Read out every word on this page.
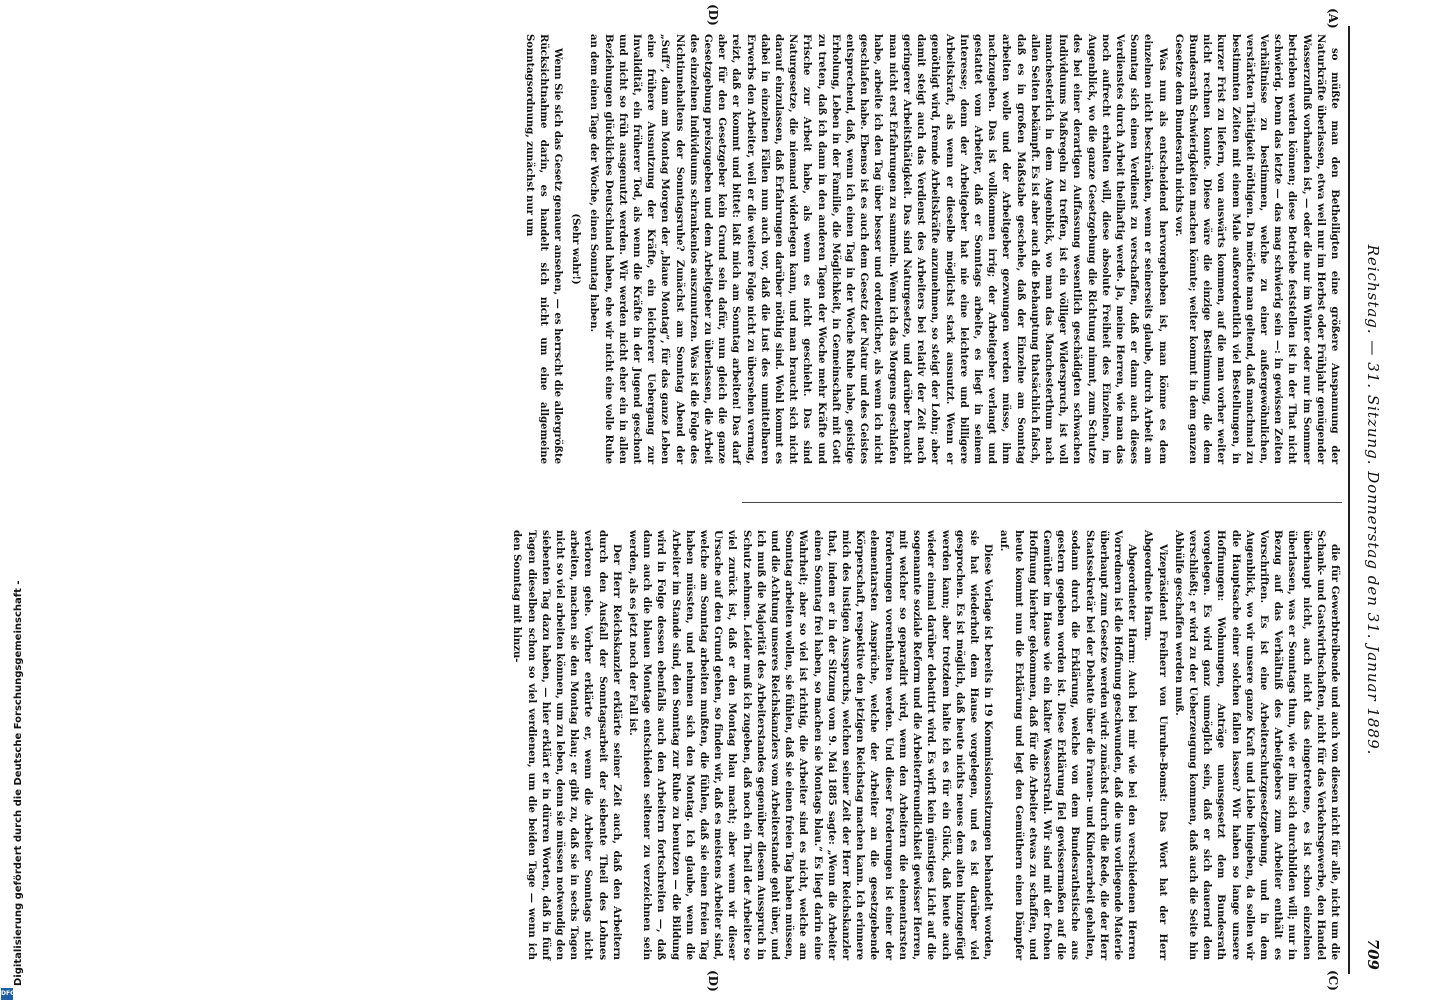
Reichstag. — 31. Sitzung. Donnerstag den 31. Januar 1889.
709
(A)
(D)
(C)
(D)

so müßte man den Betheiligten eine größere Anspannung der Naturkräfte überlassen, etwa weil nur im Herbst oder Frühjahr genügender Wasserzufluß vorhanden ist, — oder die nur im Winter oder nur im Sommer betrieben werden können; diese Betriebe feststellen ist in der That nicht schwierig. Denn das letzte — das mag schwierig sein —: in gewissen Zeiten Verhältnisse zu bestimmen, welche zu einer außergewöhnlichen, verstärkten Thätigkeit nöthigen. Da möchte man geltend, daß manchmal zu bestimmten Zeiten mit einem Male außerordentlich viel Bestellungen, in kurzer Frist zu liefern, von auswärts kommen, auf die man vorher weiter nicht rechnen konnte. Diese wäre die einzige Bestimmung, die dem Bundesrath Schwierigkeiten machen könnte; weiter kommt in dem ganzen Gesetze dem Bundesrath nichts vor.

Was nun als entscheidend hervorgehoben ist, man könne es dem einzelnen nicht beschränken, wenn er seinerseits glaube, durch Arbeit am Sonntag sich einen Verdienst zu verschaffen, daß er dann auch dieses Verdienstes durch Arbeit theilhaftig werde. Ja, meine Herren, wie man das noch aufrecht erhalten will, diese absolute Freiheit des Einzelnen, im Augenblick, wo die ganze Gesetzgebung die Richtung nimmt, zum Schutze des bei einer derartigen Auffassung wesentlich geschädigten schwachen Individuums Maßregeln zu treffen, ist ein völliger Widerspruch, ist voll manchesterlich in dem Augenblick, wo man das Manchesterthum nach allen Seiten bekämpft. Es ist aber auch die Behauptung thatsächlich falsch, daß es in großen Maßstabe geschehe, daß der Einzelne am Sonntag arbeiten wolle und der Arbeitgeber gezwungen werden müsse, ihm nachzugeben. Das ist vollkommen irrig; der Arbeitgeber verlangt und gestattet vom Arbeiter, daß er Sonntags arbeite, es liegt in seinem Interesse; denn der Arbeitgeber hat nie eine leichtere und billigere Arbeitskraft, als wenn er dieselbe möglichst stark ausnutzt. Wenn er genöthigt wird, fremde Arbeitskräfte anzunehmen, so steigt der Lohn; aber damit steigt auch das Verdienst des Arbeiters bei relativ der Zeit nach geringerer Arbeitsthätigkeit. Das sind Naturgesetze, und darüber braucht man nicht erst Erfahrungen zu sammeln. Wenn ich das Morgens geschlafen habe, arbeite ich den Tag über besser und ordentlicher, als wenn ich nicht geschlafen habe. Ebenso ist es auch dem Gesetz der Natur und des Geistes entsprechend, daß, wenn ich einen Tag in der Woche Ruhe habe, geistige Erholung, Leben in der Familie, die Möglichkeit, in Gemeinschaft mit Gott zu treten, daß ich dann in den anderen Tagen der Woche mehr Kräfte und Frische zur Arbeit habe, als wenn es nicht geschieht. Das sind Naturgesetze, die niemand widerlegen kann, und man braucht sich nicht darauf einzulassen, daß Erfahrungen darüber nöthig sind. Wohl kommt es dabei in einzelnen Fällen nun auch vor, daß die Lust des unmittelbaren Erwerbs den Arbeiter, weil er die weitere Folge nicht zu übersehen vermag, reizt, daß er kommt und bittet: laßt mich am Sonntag arbeiten! Das darf aber für den Gesetzgeber kein Grund sein dafür, nun gleich die ganze Gesetzgebung preiszugeben und dem Arbeitgeber zu überlassen, die Arbeit des einzelnen Individuums schrankenlos auszunutzen. Was ist die Folge des Nichtinnehaltens der Sonntagsruhe? Zunächst am Sonntag Abend der „Suff“, dann am Montag Morgen der „blaue Montag“, für das ganze Leben eine frühere Ausnutzung der Kräfte, ein leichterer Uebergang zur Invalidität, ein früherer Tod, als wenn die Kräfte in der Jugend geschont und nicht so früh ausgenutzt werden. Wir werden nicht eher ein in allen Beziehungen glückliches Deutschland haben, ehe wir nicht eine volle Ruhe an dem einen Tage der Woche, einen Sonntag haben.

(Sehr wahr!)

Wenn Sie sich das Gesetz genauer ansehen, — es herrscht die allergrößte Rücksichtnahme darin, es handelt sich nicht um eine allgemeine Sonntagsordnung, zunächst nur um

die für Gewerbtreibende und auch von diesen nicht für alle, nicht um die Schank- und Gastwirthschaften, nicht für das Verkehrsgewerbe, den Handel überhaupt nicht, auch nicht das eingetretene, es ist schon einzelnen überlassen, was er Sonntags thun, wie er ihn sich durchbilden will; nur in Bezug auf das Verhältniß des Arbeitgebers zum Arbeiter enthält es Vorschriften. Es ist eine Arbeiterschutzgesetzgebung, und in dem Augenblick, wo wir unsere ganze Kraft und Liebe hingeben, da sollen wir die Hauptsache einer solchen fallen lassen? Wir haben so lange unsere Hoffnungen: Wohnungen, Anträge unausgesetzt dem Bundesrath vorgelegen. Es wird ganz unmöglich sein, daß er sich dauernd dem verschließt; er wird zu der Ueberzeugung kommen, daß auch die Seite hin Abhülfe geschaffen werden muß.

Vizepräsident Freiherr von Unruhe-Bomst: Das Wort hat der Herr Abgeordnete Harm.

Abgeordneter Harm: Auch bei mir wie bei den verschiedenen Herren Vorrednern ist die Hoffnung geschwunden, daß die uns vorliegende Materie überhaupt zum Gesetze werden wird: zunächst durch die Rede, die der Herr Staatssekretär bei der Debatte über die Frauen- und Kinderarbeit gehalten, sodann durch die Erklärung, welche von dem Bundesrathstische aus gestern gegeben worden ist. Diese Erklärung fiel gewissermaßen auf die Gemüther im Hause wie ein kalter Wasserstrahl. Wir sind mit der frohen Hoffnung hierher gekommen, daß für die Arbeiter etwas zu schaffen, und heute kommt nun die Erklärung und legt den Gemüthern einen Dämpfer auf.

Diese Vorlage ist bereits in 19 Kommissionssitzungen behandelt worden, sie hat wiederholt dem Hause vorgelegen, und es ist darüber viel gesprochen. Es ist möglich, daß heute nichts neues dem alten hinzugefügt werden kann; aber trotzdem halte ich es für ein Glück, daß heute auch wieder einmal darüber debattirt wird. Es wirft kein günstiges Licht auf die sogenannte soziale Reform und die Arbeiterfreundlichkeit gewisser Herren, mit welcher so geparadirt wird, wenn den Arbeitern die elementarsten Forderungen vorenthalten werden. Und dieser Forderungen ist einer der elementarsten Ansprüche, welche der Arbeiter an die gesetzgebende Körperschaft, respektive den jetzigen Reichstag machen kann. Ich erinnere mich des lustigen Ausspruchs, welchen seiner Zeit der Herr Reichskanzler that, indem er in der Sitzung vom 9. Mai 1885 sagte: „Wenn die Arbeiter einen Sonntag frei haben, so machen sie Montags blau.“ Es liegt darin eine Wahrheit; aber so viel ist richtig, die Arbeiter sind es nicht, welche am Sonntag arbeiten wollen, sie fühlen, daß sie einen freien Tag haben müssen, und die Achtung unseres Reichskanzlers vom Arbeiterstande geht über, und ich muß die Majorität des Arbeiterstandes gegenüber diesem Ausspruch in Schutz nehmen. Leider muß ich zugeben, daß noch ein Theil der Arbeiter so viel zurück ist, daß er den Montag blau macht; aber wenn wir dieser Ursache auf den Grund gehen, so finden wir, daß es meistens Arbeiter sind, welche am Sonntag arbeiten mußten, die fühlen, daß sie einen freien Tag haben müssten, und nehmen sich den Montag. Ich glaube, wenn die Arbeiter im Stande sind, den Sonntag zur Ruhe zu benutzen — die Bildung wird in Folge dessen ebenfalls auch den Arbeitern fortschreiten —, daß dann auch die blauen Montage entschieden seltener zu verzeichnen sein werden, als es jetzt noch der Fall ist.

Der Herr Reichskanzler erklärte seiner Zeit auch, daß den Arbeitern durch den Ausfall der Sonntagsarbeit der siebente Theil des Lohnes verloren gehe. Vorher erklärte er, wenn die Arbeiter Sonntags nicht arbeiten, machen sie den Montag blau; er gibt zu, daß sie in sechs Tagen nicht so viel arbeiten können, um zu leben, denn sie müssen notwendig den siebenten Tag dazu haben, — hier erklärt er in dürren Worten, daß in fünf Tagen dieselben schon so viel verdienen, um die beiden Tage — wenn ich den Sonntag mit hinzu-

Digitalisierung gefördert durch die Deutsche Forschungsgemeinschaft -
DFG
